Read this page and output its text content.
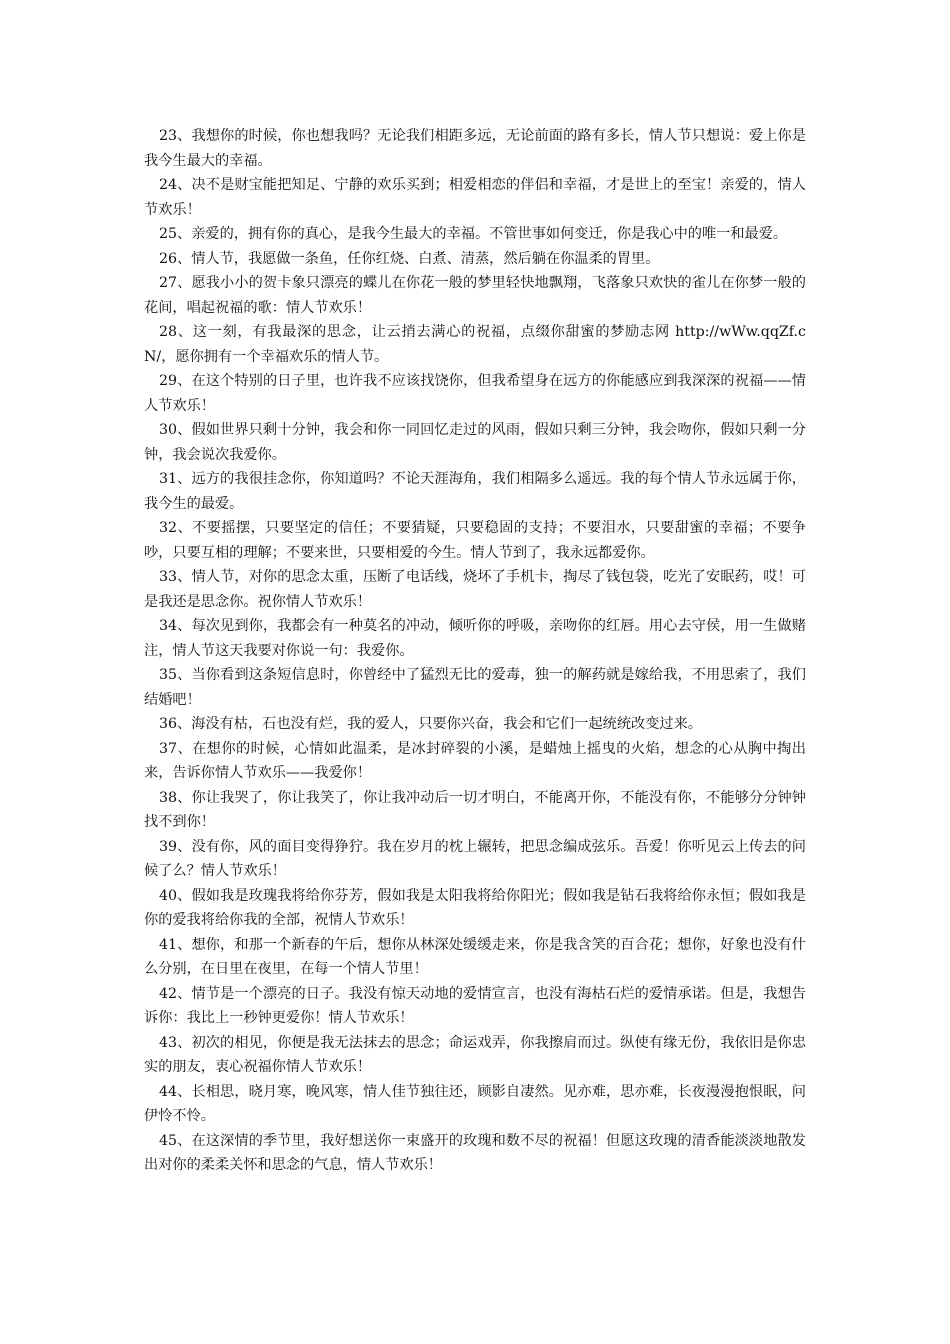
23、我想你的时候，你也想我吗？无论我们相距多远，无论前面的路有多长，情人节只想说：爱上你是我今生最大的幸福。

24、决不是财宝能把知足、宁静的欢乐买到；相爱相恋的伴侣和幸福，才是世上的至宝！亲爱的，情人节欢乐！

25、亲爱的，拥有你的真心，是我今生最大的幸福。不管世事如何变迁，你是我心中的唯一和最爱。

26、情人节，我愿做一条鱼，任你红烧、白煮、清蒸，然后躺在你温柔的胃里。

27、愿我小小的贺卡象只漂亮的蝶儿在你花一般的梦里轻快地飘翔，飞落象只欢快的雀儿在你梦一般的花间，唱起祝福的歌：情人节欢乐！

28、这一刻，有我最深的思念，让云捎去满心的祝福，点缀你甜蜜的梦励志网 http://wWw.qqZf.cN/，愿你拥有一个幸福欢乐的情人节。

29、在这个特别的日子里，也许我不应该找饶你，但我希望身在远方的你能感应到我深深的祝福——情人节欢乐！

30、假如世界只剩十分钟，我会和你一同回忆走过的风雨，假如只剩三分钟，我会吻你，假如只剩一分钟，我会说次我爱你。

31、远方的我很挂念你，你知道吗？不论天涯海角，我们相隔多么遥远。我的每个情人节永远属于你，我今生的最爱。

32、不要摇摆，只要坚定的信任；不要猜疑，只要稳固的支持；不要泪水，只要甜蜜的幸福；不要争吵，只要互相的理解；不要来世，只要相爱的今生。情人节到了，我永远都爱你。

33、情人节，对你的思念太重，压断了电话线，烧坏了手机卡，掏尽了钱包袋，吃光了安眠药，哎！可是我还是思念你。祝你情人节欢乐！

34、每次见到你，我都会有一种莫名的冲动，倾听你的呼吸，亲吻你的红唇。用心去守侯，用一生做赌注，情人节这天我要对你说一句：我爱你。

35、当你看到这条短信息时，你曾经中了猛烈无比的爱毒，独一的解药就是嫁给我，不用思索了，我们结婚吧！

36、海没有枯，石也没有烂，我的爱人，只要你兴奋，我会和它们一起统统改变过来。

37、在想你的时候，心情如此温柔，是冰封碎裂的小溪，是蜡烛上摇曳的火焰，想念的心从胸中掏出来，告诉你情人节欢乐——我爱你！

38、你让我哭了，你让我笑了，你让我冲动后一切才明白，不能离开你，不能没有你，不能够分分钟钟找不到你！

39、没有你，风的面目变得狰狞。我在岁月的枕上辗转，把思念编成弦乐。吾爱！你听见云上传去的问候了么？情人节欢乐！

40、假如我是玫瑰我将给你芬芳，假如我是太阳我将给你阳光；假如我是钻石我将给你永恒；假如我是你的爱我将给你我的全部，祝情人节欢乐！

41、想你，和那一个新春的午后，想你从林深处缓缓走来，你是我含笑的百合花；想你，好象也没有什么分别，在日里在夜里，在每一个情人节里！

42、情节是一个漂亮的日子。我没有惊天动地的爱情宣言，也没有海枯石烂的爱情承诺。但是，我想告诉你：我比上一秒钟更爱你！情人节欢乐！

43、初次的相见，你便是我无法抹去的思念；命运戏弄，你我擦肩而过。纵使有缘无份，我依旧是你忠实的朋友，衷心祝福你情人节欢乐！

44、长相思，晓月寒，晚风寒，情人佳节独往还，顾影自凄然。见亦难，思亦难，长夜漫漫抱恨眠，问伊怜不怜。

45、在这深情的季节里，我好想送你一束盛开的玫瑰和数不尽的祝福！但愿这玫瑰的清香能淡淡地散发出对你的柔柔关怀和思念的气息，情人节欢乐！
